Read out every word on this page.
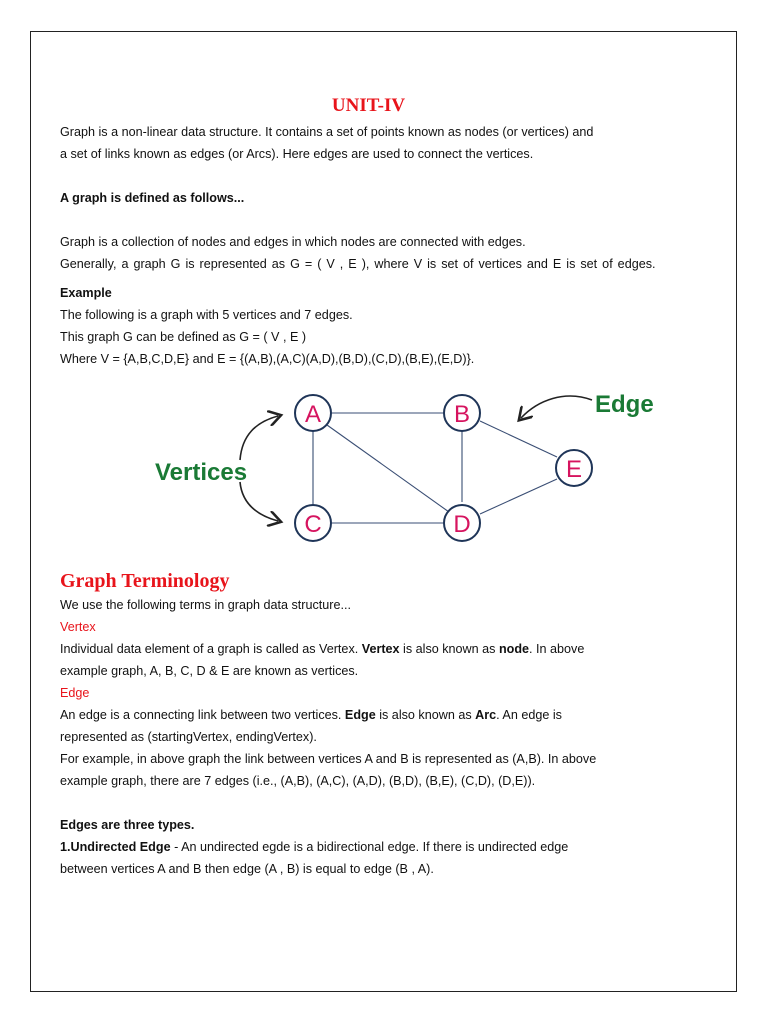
UNIT-IV

Graph is a non-linear data structure. It contains a set of points known as nodes (or vertices) and

a set of links known as edges (or Arcs). Here edges are used to connect the vertices.

A graph is defined as follows...

Graph is a collection of nodes and edges in which nodes are connected with edges.

Generally, a graph G is represented as G = ( V , E ), where V is set of vertices and E is set of edges.

Example

The following is a graph with 5 vertices and 7 edges.

This graph G can be defined as G = ( V , E )

Where V = {A,B,C,D,E} and E = {(A,B),(A,C)(A,D),(B,D),(C,D),(B,E),(E,D)}.

A	B
C	D
E
Vertices
Edge
Graph Terminology

We use the following terms in graph data structure...

Vertex

Individual data element of a graph is called as Vertex. Vertex is also known as node. In above

example graph, A, B, C, D & E are known as vertices.

Edge

An edge is a connecting link between two vertices. Edge is also known as Arc. An edge is

represented as (startingVertex, endingVertex).

For example, in above graph the link between vertices A and B is represented as (A,B). In above

example graph, there are 7 edges (i.e., (A,B), (A,C), (A,D), (B,D), (B,E), (C,D), (D,E)).

Edges are three types.

1.Undirected Edge - An undirected egde is a bidirectional edge. If there is undirected edge

between vertices A and B then edge (A , B) is equal to edge (B , A).
